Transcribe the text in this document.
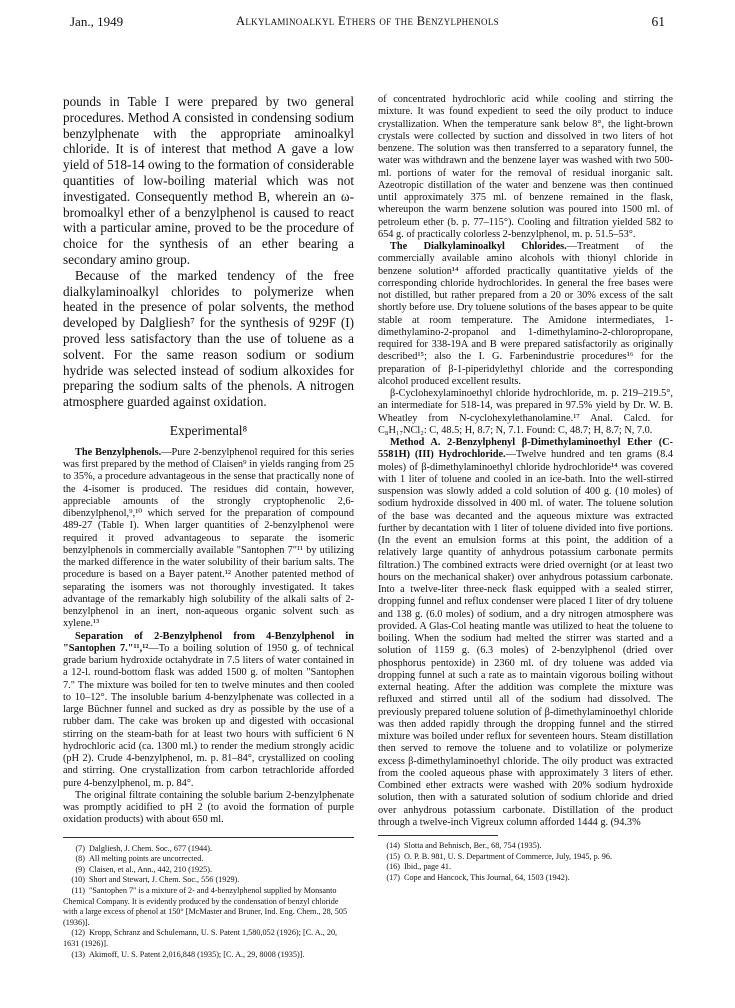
Jan., 1949	Alkylaminoalkyl Ethers of the Benzylphenols	61

pounds in Table I were prepared by two general procedures. Method A consisted in condensing sodium benzylphenate with the appropriate aminoalkyl chloride. It is of interest that method A gave a low yield of 518-14 owing to the formation of considerable quantities of low-boiling material which was not investigated. Consequently method B, wherein an ω-bromoalkyl ether of a benzylphenol is caused to react with a particular amine, proved to be the procedure of choice for the synthesis of an ether bearing a secondary amino group.

Because of the marked tendency of the free dialkylaminoalkyl chlorides to polymerize when heated in the presence of polar solvents, the method developed by Dalgliesh⁷ for the synthesis of 929F (I) proved less satisfactory than the use of toluene as a solvent. For the same reason sodium or sodium hydride was selected instead of sodium alkoxides for preparing the sodium salts of the phenols. A nitrogen atmosphere guarded against oxidation.

Experimental⁸

The Benzylphenols.—Pure 2-benzylphenol required for this series was first prepared by the method of Claisen⁹ in yields ranging from 25 to 35%, a procedure advantageous in the sense that practically none of the 4-isomer is produced. The residues did contain, however, appreciable amounts of the strongly cryptophenolic 2,6-dibenzylphenol,⁹,¹⁰ which served for the preparation of compound 489-27 (Table I). When larger quantities of 2-benzylphenol were required it proved advantageous to separate the isomeric benzylphenols in commercially available "Santophen 7"¹¹ by utilizing the marked difference in the water solubility of their barium salts. The procedure is based on a Bayer patent.¹² Another patented method of separating the isomers was not thoroughly investigated. It takes advantage of the remarkably high solubility of the alkali salts of 2-benzylphenol in an inert, non-aqueous organic solvent such as xylene.¹³

Separation of 2-Benzylphenol from 4-Benzylphenol in "Santophen 7."¹¹,¹²—To a boiling solution of 1950 g. of technical grade barium hydroxide octahydrate in 7.5 liters of water contained in a 12-l. round-bottom flask was added 1500 g. of molten "Santophen 7." The mixture was boiled for ten to twelve minutes and then cooled to 10–12°. The insoluble barium 4-benzylphenate was collected in a large Büchner funnel and sucked as dry as possible by the use of a rubber dam. The cake was broken up and digested with occasional stirring on the steam-bath for at least two hours with sufficient 6 N hydrochloric acid (ca. 1300 ml.) to render the medium strongly acidic (pH 2). Crude 4-benzylphenol, m. p. 81–84°, crystallized on cooling and stirring. One crystallization from carbon tetrachloride afforded pure 4-benzylphenol, m. p. 84°.

The original filtrate containing the soluble barium 2-benzylphenate was promptly acidified to pH 2 (to avoid the formation of purple oxidation products) with about 650 ml.

(7) Dalgliesh, J. Chem. Soc., 677 (1944).

(8) All melting points are uncorrected.

(9) Claisen, et al., Ann., 442, 210 (1925).

(10) Short and Stewart, J. Chem. Soc., 556 (1929).

(11) "Santophen 7" is a mixture of 2- and 4-benzylphenol supplied by Monsanto Chemical Company. It is evidently produced by the condensation of benzyl chloride with a large excess of phenol at 150° [McMaster and Bruner, Ind. Eng. Chem., 28, 505 (1936)].

(12) Kropp, Schranz and Schulemann, U. S. Patent 1,580,052 (1926); [C. A., 20, 1631 (1926)].

(13) Akimoff, U. S. Patent 2,016,848 (1935); [C. A., 29, 8008 (1935)].

of concentrated hydrochloric acid while cooling and stirring the mixture. It was found expedient to seed the oily product to induce crystallization. When the temperature sank below 8°, the light-brown crystals were collected by suction and dissolved in two liters of hot benzene. The solution was then transferred to a separatory funnel, the water was withdrawn and the benzene layer was washed with two 500-ml. portions of water for the removal of residual inorganic salt. Azeotropic distillation of the water and benzene was then continued until approximately 375 ml. of benzene remained in the flask, whereupon the warm benzene solution was poured into 1500 ml. of petroleum ether (b. p. 77–115°). Cooling and filtration yielded 582 to 654 g. of practically colorless 2-benzylphenol, m. p. 51.5–53°.

The Dialkylaminoalkyl Chlorides.—Treatment of the commercially available amino alcohols with thionyl chloride in benzene solution¹⁴ afforded practically quantitative yields of the corresponding chloride hydrochlorides. In general the free bases were not distilled, but rather prepared from a 20 or 30% excess of the salt shortly before use. Dry toluene solutions of the bases appear to be quite stable at room temperature. The Amidone intermediates, 1-dimethylamino-2-propanol and 1-dimethylamino-2-chloropropane, required for 338-19A and B were prepared satisfactorily as originally described¹⁵; also the I. G. Farbenindustrie procedures¹⁶ for the preparation of β-1-piperidylethyl chloride and the corresponding alcohol produced excellent results.

β-Cyclohexylaminoethyl chloride hydrochloride, m. p. 219–219.5°, an intermediate for 518-14, was prepared in 97.5% yield by Dr. W. B. Wheatley from N-cyclohexylethanolamine.¹⁷ Anal. Calcd. for C₈H₁₇NCl₂: C, 48.5; H, 8.7; N, 7.1. Found: C, 48.7; H, 8.7; N, 7.0.

Method A. 2-Benzylphenyl β-Dimethylaminoethyl Ether (C-5581H) (III) Hydrochloride.—Twelve hundred and ten grams (8.4 moles) of β-dimethylaminoethyl chloride hydrochloride¹⁴ was covered with 1 liter of toluene and cooled in an ice-bath. Into the well-stirred suspension was slowly added a cold solution of 400 g. (10 moles) of sodium hydroxide dissolved in 400 ml. of water. The toluene solution of the base was decanted and the aqueous mixture was extracted further by decantation with 1 liter of toluene divided into five portions. (In the event an emulsion forms at this point, the addition of a relatively large quantity of anhydrous potassium carbonate permits filtration.) The combined extracts were dried overnight (or at least two hours on the mechanical shaker) over anhydrous potassium carbonate. Into a twelve-liter three-neck flask equipped with a sealed stirrer, dropping funnel and reflux condenser were placed 1 liter of dry toluene and 138 g. (6.0 moles) of sodium, and a dry nitrogen atmosphere was provided. A Glas-Col heating mantle was utilized to heat the toluene to boiling. When the sodium had melted the stirrer was started and a solution of 1159 g. (6.3 moles) of 2-benzylphenol (dried over phosphorus pentoxide) in 2360 ml. of dry toluene was added via dropping funnel at such a rate as to maintain vigorous boiling without external heating. After the addition was complete the mixture was refluxed and stirred until all of the sodium had dissolved. The previously prepared toluene solution of β-dimethylaminoethyl chloride was then added rapidly through the dropping funnel and the stirred mixture was boiled under reflux for seventeen hours. Steam distillation then served to remove the toluene and to volatilize or polymerize excess β-dimethylaminoethyl chloride. The oily product was extracted from the cooled aqueous phase with approximately 3 liters of ether. Combined ether extracts were washed with 20% sodium hydroxide solution, then with a saturated solution of sodium chloride and dried over anhydrous potassium carbonate. Distillation of the product through a twelve-inch Vigreux column afforded 1444 g. (94.3%

(14) Slotta and Behnisch, Ber., 68, 754 (1935).

(15) O. P. B. 981, U. S. Department of Commerce, July, 1945, p. 96.

(16) Ibid., page 41.

(17) Cope and Hancock, This Journal, 64, 1503 (1942).
